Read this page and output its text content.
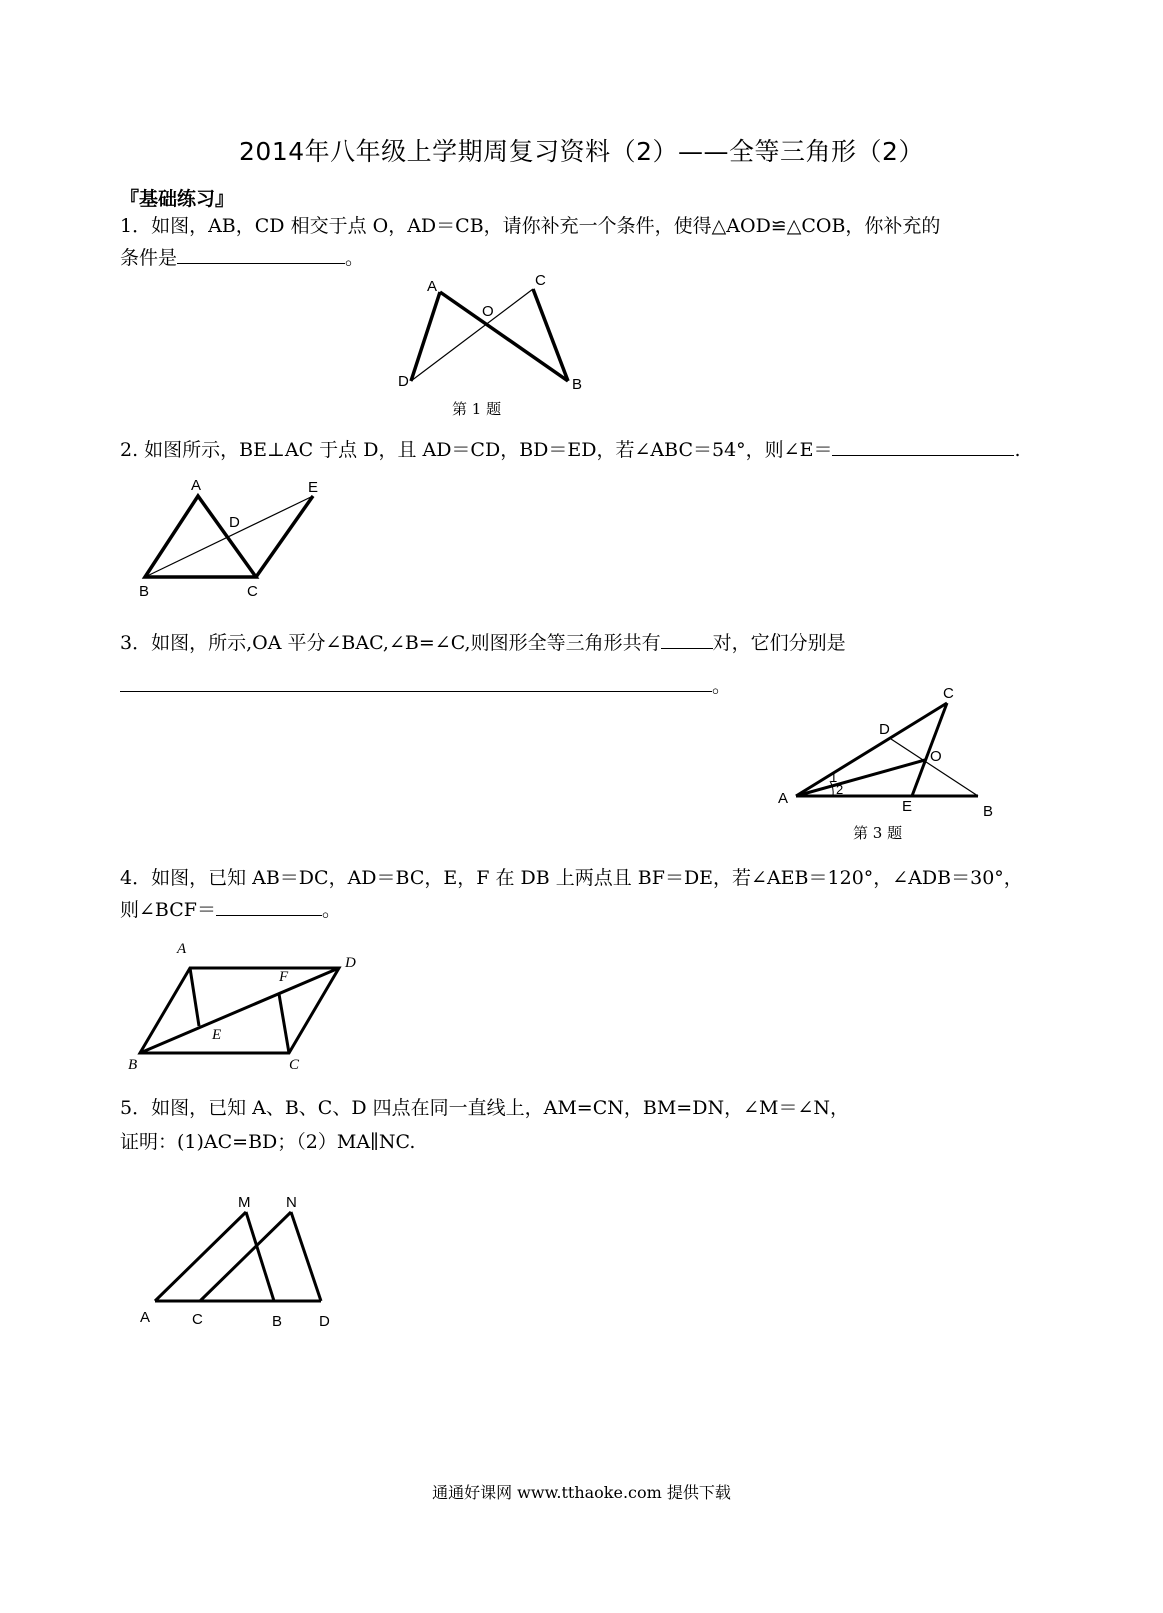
2014年八年级上学期周复习资料（2）——全等三角形（2）
『基础练习』
1．如图，AB，CD 相交于点 O，AD＝CB，请你补充一个条件，使得△AOD≌△COB，你补充的
条件是	。
A	C
O
D	B
第 1 题
2. 如图所示，BE⊥AC 于点 D，且 AD＝CD，BD＝ED，若∠ABC＝54°，则∠E＝	.
A	E
D
B	C
3．如图，所示,OA 平分∠BAC,∠B=∠C,则图形全等三角形共有	对，它们分别是
。	C
D
O
1
2
A	E	B
第 3 题
4．如图，已知 AB＝DC，AD＝BC，E，F 在 DB 上两点且 BF＝DE，若∠AEB＝120°，∠ADB＝30°，
则∠BCF＝	。
A
D
F
E
B	C
5．如图，已知 A、B、C、D 四点在同一直线上，AM=CN，BM=DN，∠M＝∠N，
证明：(1)AC=BD；（2）MA∥NC.
M N
A	C	B D
通通好课网 www.tthaoke.com 提供下载
